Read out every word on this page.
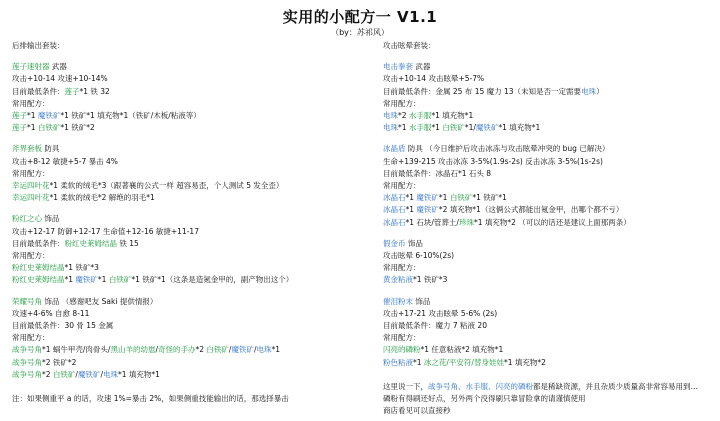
实用的小配方一 V1.1
（by：苏祁风）
后排输出套装：
莲子速射器 武器
攻击+10-14 攻速+10-14%
目前最低条件：莲子*1 铁 32
常用配方：
莲子*1 魔铁矿*1 铁矿*1 填充物*1（铁矿/木板/粘液等）
莲子*1 白铁矿*1 铁矿*2
斧界套板 防具
攻击+8-12 敏捷+5-7 暴击 4%
常用配方：
幸运四叶花*1 柔软的绒毛*3（跟著襄的公式一样 超容易歪，个人测试 5 发全歪）
幸运四叶花*1 柔软的绒毛*2 解绝的羽毛*1
粉红之心 饰品
攻击+12-17 防御+12-17 生命值+12-16 敏捷+11-17
目前最低条件：粉红史莱姆结晶 铁 15
常用配方：
粉红史莱姆结晶*1 铁矿*3
粉红史莱姆结晶*1 魔铁矿*1 白铁矿*1 铁矿*1（这条是造氪金甲的，副产物出这个）
荣耀号角 饰品 （感谢吧友 Saki 提供情报）
攻速+4-6% 自愈 8-11
目前最低条件：30 骨 15 金属
常用配方：
战争号角*1 蜗牛甲壳/肉骨头/黑山羊的幼崽/奇怪的手办*2 白铁矿/魔铁矿/电珠*1
战争号角*2 铁矿*2
战争号角*2 白铁矿/魔铁矿/电珠*1 填充物*1
注：如果侧重平 a 的话，攻速 1%=暴击 2%，如果侧重技能输出的话，那选择暴击
攻击眩晕套装：
电击拳套 武器
攻击+10-14 攻击眩晕+5-7%
目前最低条件：金属 25 布 15 魔力 13（未知是否一定需要电珠）
常用配方：
电珠*2 水手服*1 填充物*1
电珠*1 水手服*1 白铁矿*1/魔铁矿*1 填充物*1
冰晶盾 防具 （今日维护后攻击冰冻与攻击眩晕冲突的 bug 已解决）
生命+139-215 攻击冰冻 3-5%(1.9s-2s) 反击冰冻 3-5%(1s-2s)
目前最低条件：冰晶石*1 石头 8
常用配方：
冰晶石*1 魔铁矿*1 白铁矿*1 铁矿*1
冰晶石*1 魔铁矿*2 填充物*1（这俩公式都能出氪金甲，出哪个都不亏）
冰晶石*1 石块/管葬土/珍珠*1 填充物*2 （可以的话还是建议上面那两条）
假金币 饰品
攻击眩晕 6-10%(2s)
常用配方：
黄金粘液*1 铁矿*3
催泪粉末 饰品
攻击+17-21 攻击眩晕 5-6% (2s)
目前最低条件：魔力 7 粘液 20
常用配方：
闪亮的磷粉*1 任意粘液*2 填充物*1
粉色粘液*1 冰之花/平安符/替身娃娃*1 填充物*2
这里说一下，战争号角、水手服、闪亮的磷粉都是稀缺资源，并且杂质少质量高非常容易用到…
磷粉有得刷还好点，另外两个没得刷只靠冒险拿的请谨慎使用
商店看见可以直接秒
